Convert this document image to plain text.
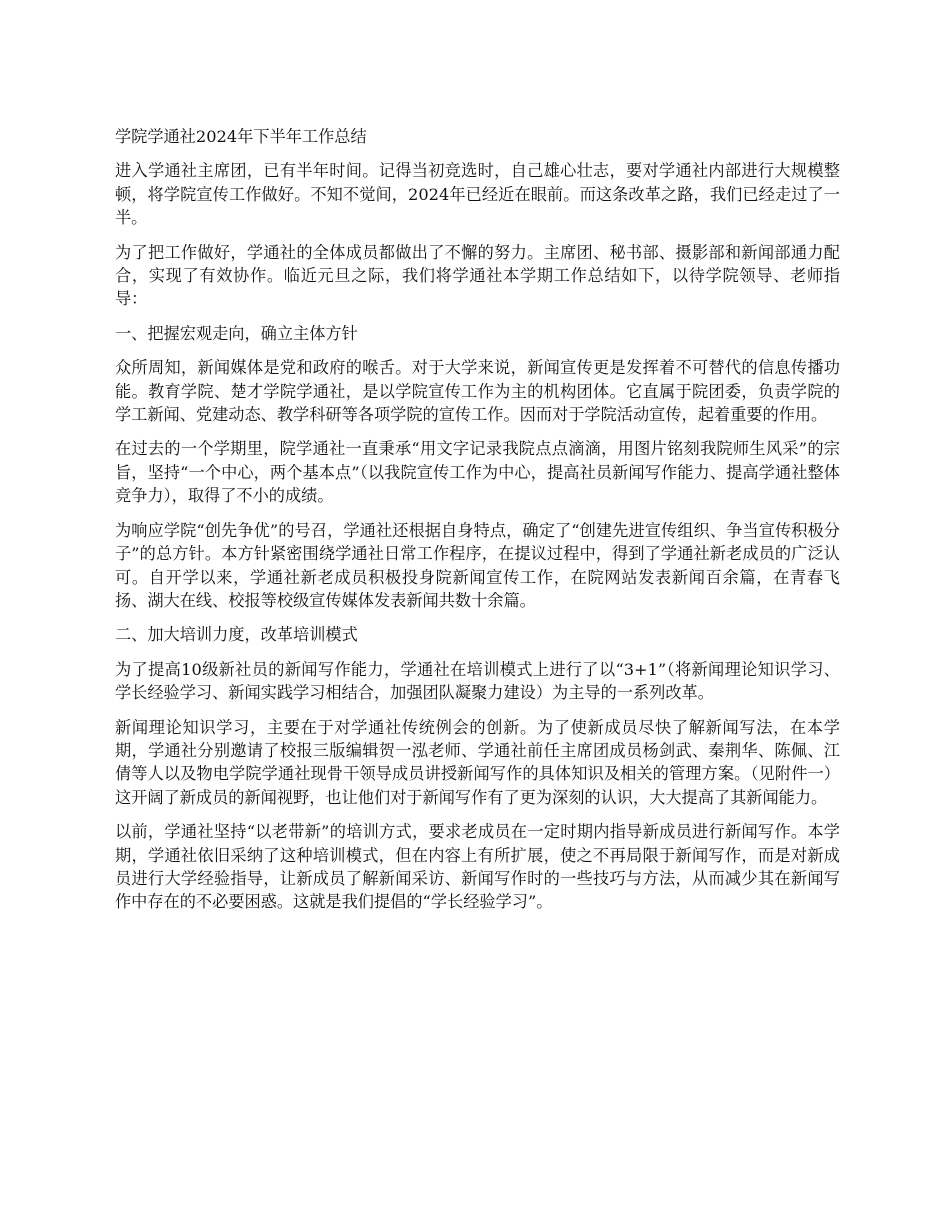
学院学通社2024年下半年工作总结

进入学通社主席团，已有半年时间。记得当初竞选时，自己雄心壮志，要对学通社内部进行大规模整顿，将学院宣传工作做好。不知不觉间，2024年已经近在眼前。而这条改革之路，我们已经走过了一半。

为了把工作做好，学通社的全体成员都做出了不懈的努力。主席团、秘书部、摄影部和新闻部通力配合，实现了有效协作。临近元旦之际，我们将学通社本学期工作总结如下，以待学院领导、老师指导：

一、把握宏观走向，确立主体方针

众所周知，新闻媒体是党和政府的喉舌。对于大学来说，新闻宣传更是发挥着不可替代的信息传播功能。教育学院、楚才学院学通社，是以学院宣传工作为主的机构团体。它直属于院团委，负责学院的学工新闻、党建动态、教学科研等各项学院的宣传工作。因而对于学院活动宣传，起着重要的作用。

在过去的一个学期里，院学通社一直秉承“用文字记录我院点点滴滴，用图片铭刻我院师生风采”的宗旨，坚持“一个中心，两个基本点”（以我院宣传工作为中心，提高社员新闻写作能力、提高学通社整体竞争力），取得了不小的成绩。

为响应学院“创先争优”的号召，学通社还根据自身特点，确定了“创建先进宣传组织、争当宣传积极分子”的总方针。本方针紧密围绕学通社日常工作程序，在提议过程中，得到了学通社新老成员的广泛认可。自开学以来，学通社新老成员积极投身院新闻宣传工作，在院网站发表新闻百余篇，在青春飞扬、湖大在线、校报等校级宣传媒体发表新闻共数十余篇。

二、加大培训力度，改革培训模式

为了提高10级新社员的新闻写作能力，学通社在培训模式上进行了以“3+1”（将新闻理论知识学习、学长经验学习、新闻实践学习相结合，加强团队凝聚力建设）为主导的一系列改革。

新闻理论知识学习，主要在于对学通社传统例会的创新。为了使新成员尽快了解新闻写法，在本学期，学通社分别邀请了校报三版编辑贺一泓老师、学通社前任主席团成员杨剑武、秦荆华、陈佩、江倩等人以及物电学院学通社现骨干领导成员讲授新闻写作的具体知识及相关的管理方案。（见附件一）这开阔了新成员的新闻视野，也让他们对于新闻写作有了更为深刻的认识，大大提高了其新闻能力。

以前，学通社坚持“以老带新”的培训方式，要求老成员在一定时期内指导新成员进行新闻写作。本学期，学通社依旧采纳了这种培训模式，但在内容上有所扩展，使之不再局限于新闻写作，而是对新成员进行大学经验指导，让新成员了解新闻采访、新闻写作时的一些技巧与方法，从而减少其在新闻写作中存在的不必要困惑。这就是我们提倡的“学长经验学习”。
